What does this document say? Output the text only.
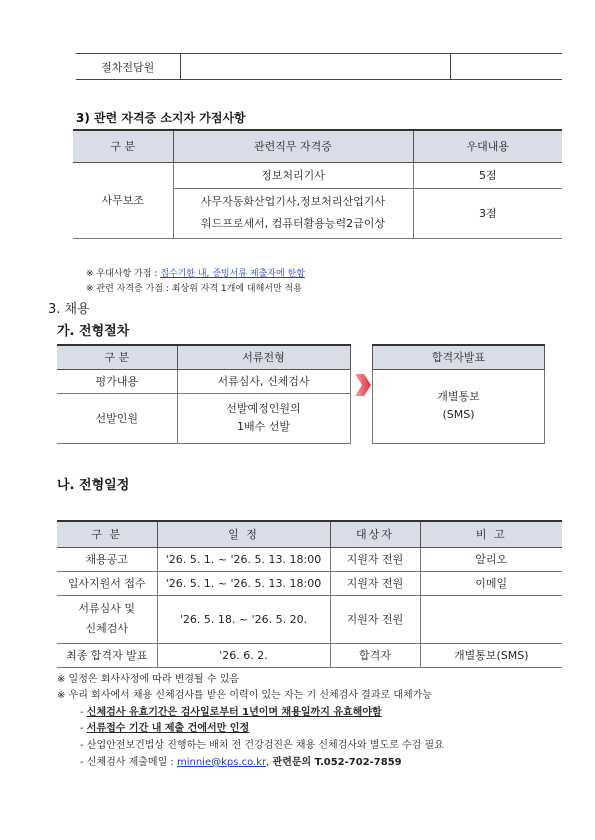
절차전담원		
3) 관련 자격증 소지자 가점사항
구 분	관련직무 자격증	우대내용
사무보조	정보처리기사	5점

	사무자동화산업기사,정보처리산업기사
워드프로세서, 컴퓨터활용능력2급이상	3점
※ 우대사항 가점 : 접수기한 내, 증빙서류 제출자에 한함
※ 관련 자격증 가점 : 최상위 자격 1개에 대해서만 적용
3. 채용
가. 전형절차
구 분	서류전형
평가내용	서류심사, 신체검사
선발인원	선발예정인원의
1배수 선발
합격자발표

개별통보
(SMS)
나. 전형일정
구 분	일 정	대상자	비 고
채용공고	'26. 5. 1. ~ '26. 5. 13. 18:00	지원자 전원	알리오
입사지원서 접수	'26. 5. 1. ~ '26. 5. 13. 18:00	지원자 전원	이메일

서류심사 및
신체검사	'26. 5. 18. ~ '26. 5. 20.	지원자 전원	
최종 합격자 발표	'26. 6. 2.	합격자	개별통보(SMS)
※ 일정은 회사사정에 따라 변경될 수 있음
※ 우리 회사에서 채용 신체검사를 받은 이력이 있는 자는 기 신체검사 결과로 대체가능
- 신체검사 유효기간은 검사일로부터 1년이며 채용일까지 유효해야함
- 서류접수 기간 내 제출 건에서만 인정
- 산업안전보건법상 진행하는 배치 전 건강검진은 채용 신체검사와 별도로 수검 필요
- 신체검사 제출메일 : minnie@kps.co.kr, 관련문의 T.052-702-7859
